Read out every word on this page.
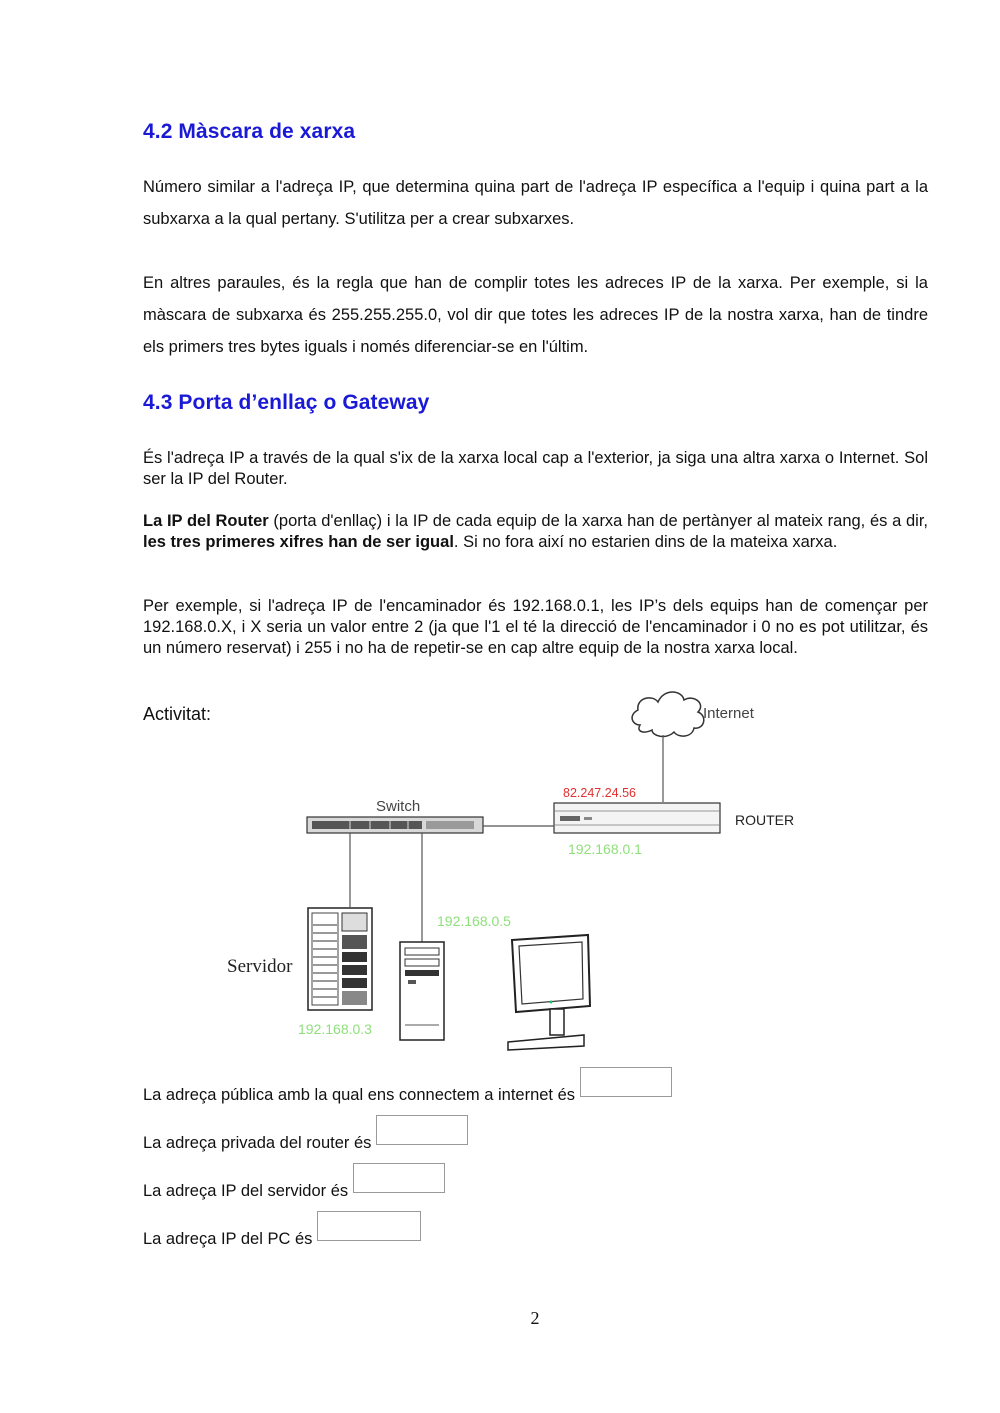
4.2 Màscara de xarxa

Número similar a l'adreça IP, que determina quina part de l'adreça IP específica a l'equip i quina part a la subxarxa a la qual pertany. S'utilitza per a crear subxarxes.

En altres paraules, és la regla que han de complir totes les adreces IP de la xarxa. Per exemple, si la màscara de subxarxa és 255.255.255.0, vol dir que totes les adreces IP de la nostra xarxa, han de tindre els primers tres bytes iguals i només diferenciar-se en l'últim.

4.3 Porta d’enllaç o Gateway

És l'adreça IP a través de la qual s'ix de la xarxa local cap a l'exterior, ja siga una altra xarxa o Internet. Sol ser la IP del Router.

La IP del Router (porta d'enllaç) i la IP de cada equip de la xarxa han de pertànyer al mateix rang, és a dir, les tres primeres xifres han de ser igual. Si no fora així no estarien dins de la mateixa xarxa.

Per exemple, si l'adreça IP de l'encaminador és 192.168.0.1, les IP’s dels equips han de començar per 192.168.0.X, i X seria un valor entre 2 (ja que l'1 el té la direcció de l'encaminador i 0 no es pot utilitzar, és un número reservat) i 255 i no ha de repetir-se en cap altre equip de la nostra xarxa local.

Activitat:	Internet
82.247.24.56
ROUTER
192.168.0.1
Switch
192.168.0.5
Servidor
192.168.0.3
La adreça pública amb la qual ens connectem a internet és
La adreça privada del router és
La adreça IP del servidor és
La adreça IP del PC és
2
